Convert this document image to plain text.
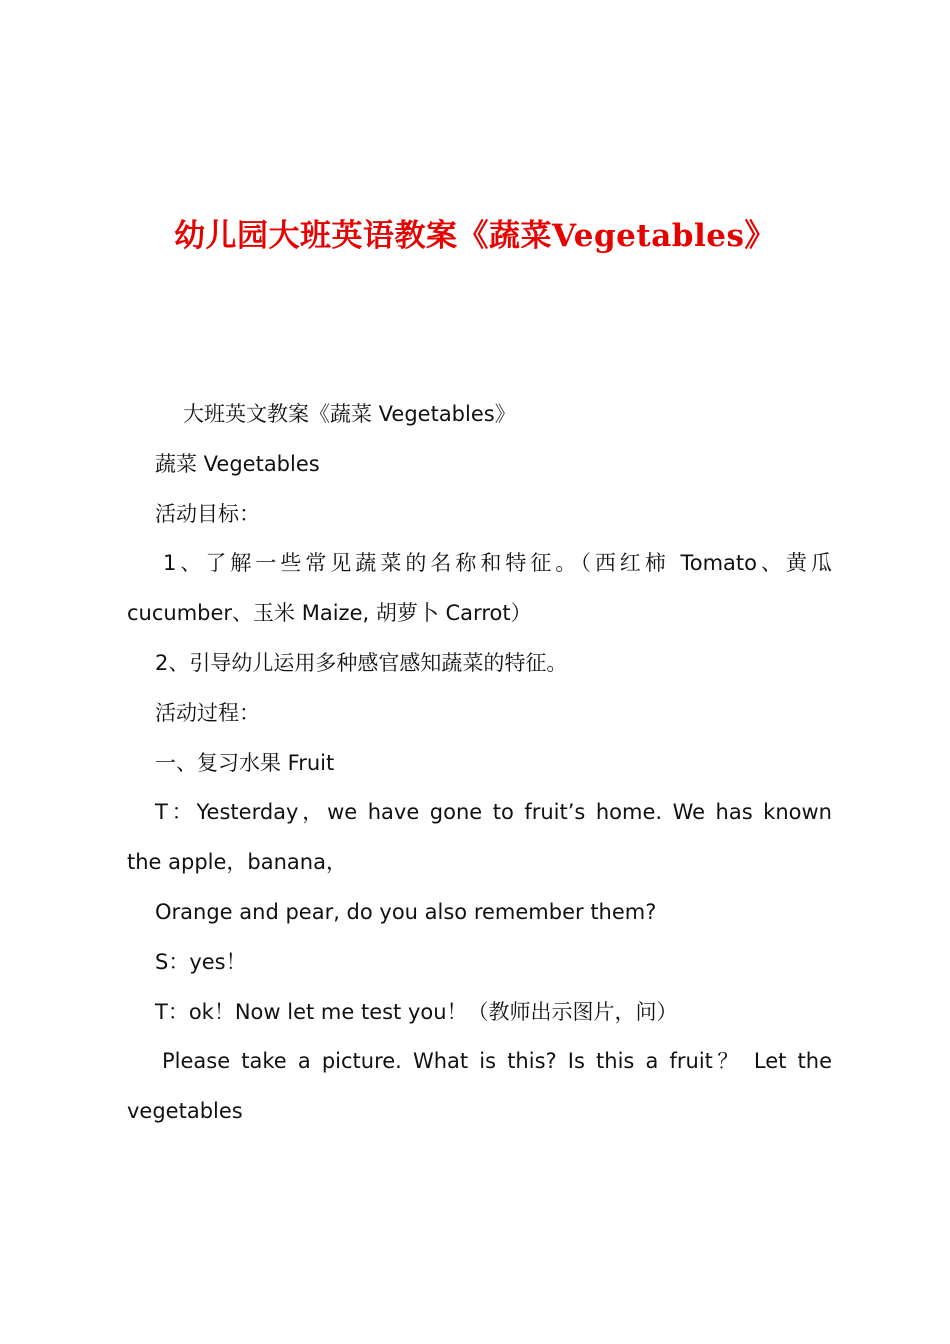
幼儿园大班英语教案《蔬菜Vegetables》

大班英文教案《蔬菜 Vegetables》

蔬菜 Vegetables

活动目标：

1、了解一些常见蔬菜的名称和特征。（西红柿 Tomato、黄瓜

cucumber、玉米 Maize, 胡萝卜 Carrot）

2、引导幼儿运用多种感官感知蔬菜的特征。

活动过程：

一、复习水果 Fruit

T：Yesterday，we have gone to fruit’s home. We has known

the apple，banana，

Orange and pear, do you also remember them?

S：yes！

T：ok！Now let me test you！（教师出示图片，问）

Please take a picture. What is this? Is this a fruit？ Let the

vegetables
